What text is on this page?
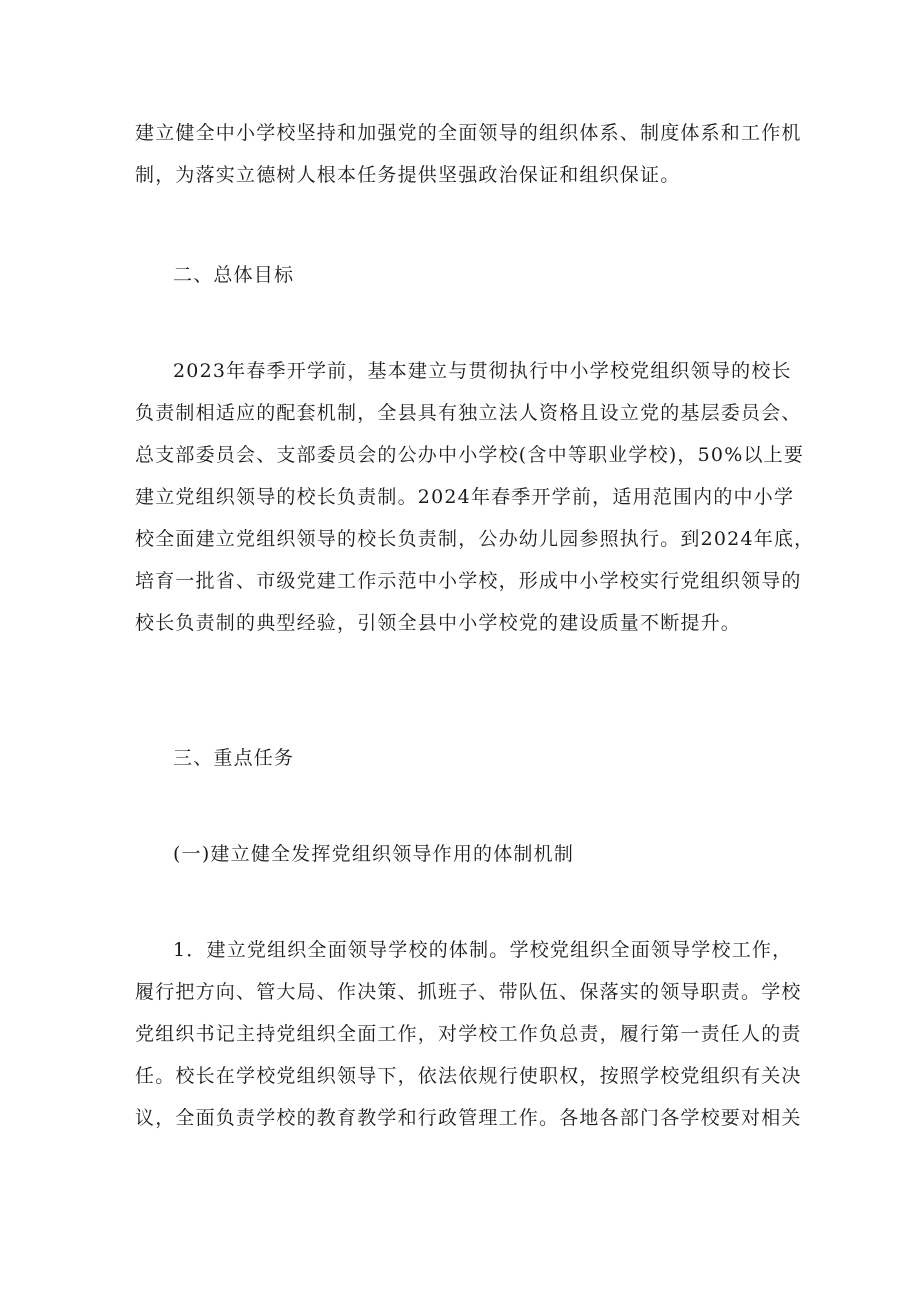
建立健全中小学校坚持和加强党的全面领导的组织体系、制度体系和工作机
制，为落实立德树人根本任务提供坚强政治保证和组织保证。
二、总体目标
2023年春季开学前，基本建立与贯彻执行中小学校党组织领导的校长
负责制相适应的配套机制，全县具有独立法人资格且设立党的基层委员会、
总支部委员会、支部委员会的公办中小学校(含中等职业学校)，50%以上要
建立党组织领导的校长负责制。2024年春季开学前，适用范围内的中小学
校全面建立党组织领导的校长负责制，公办幼儿园参照执行。到2024年底，
培育一批省、市级党建工作示范中小学校，形成中小学校实行党组织领导的
校长负责制的典型经验，引领全县中小学校党的建设质量不断提升。
三、重点任务
(一)建立健全发挥党组织领导作用的体制机制
1．建立党组织全面领导学校的体制。学校党组织全面领导学校工作，
履行把方向、管大局、作决策、抓班子、带队伍、保落实的领导职责。学校
党组织书记主持党组织全面工作，对学校工作负总责，履行第一责任人的责
任。校长在学校党组织领导下，依法依规行使职权，按照学校党组织有关决
议，全面负责学校的教育教学和行政管理工作。各地各部门各学校要对相关
